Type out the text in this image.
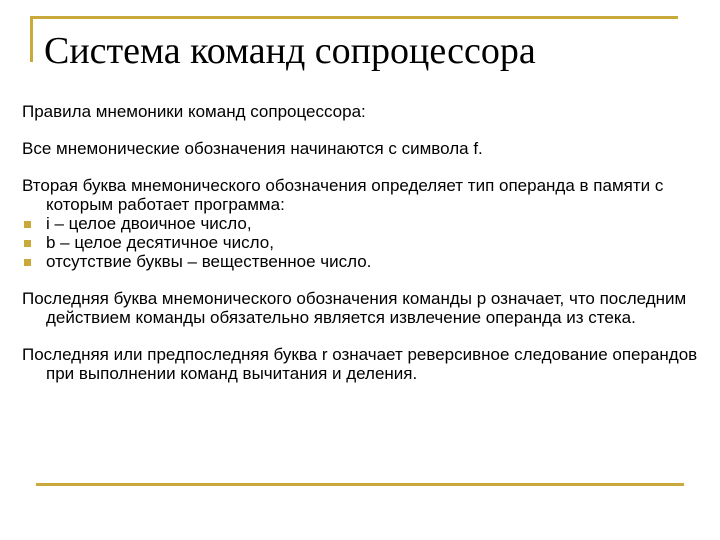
Система команд сопроцессора

Правила мнемоники команд сопроцессора:

Все мнемонические обозначения начинаются с символа f.

Вторая буква мнемонического обозначения определяет тип операнда в памяти с которым работает программа:

i – целое двоичное число,
b – целое десятичное число,
отсутствие буквы – вещественное число.

Последняя буква мнемонического обозначения команды p означает, что последним действием команды обязательно является извлечение операнда из стека.

Последняя или предпоследняя буква r означает реверсивное следование операндов при выполнении команд вычитания и деления.
